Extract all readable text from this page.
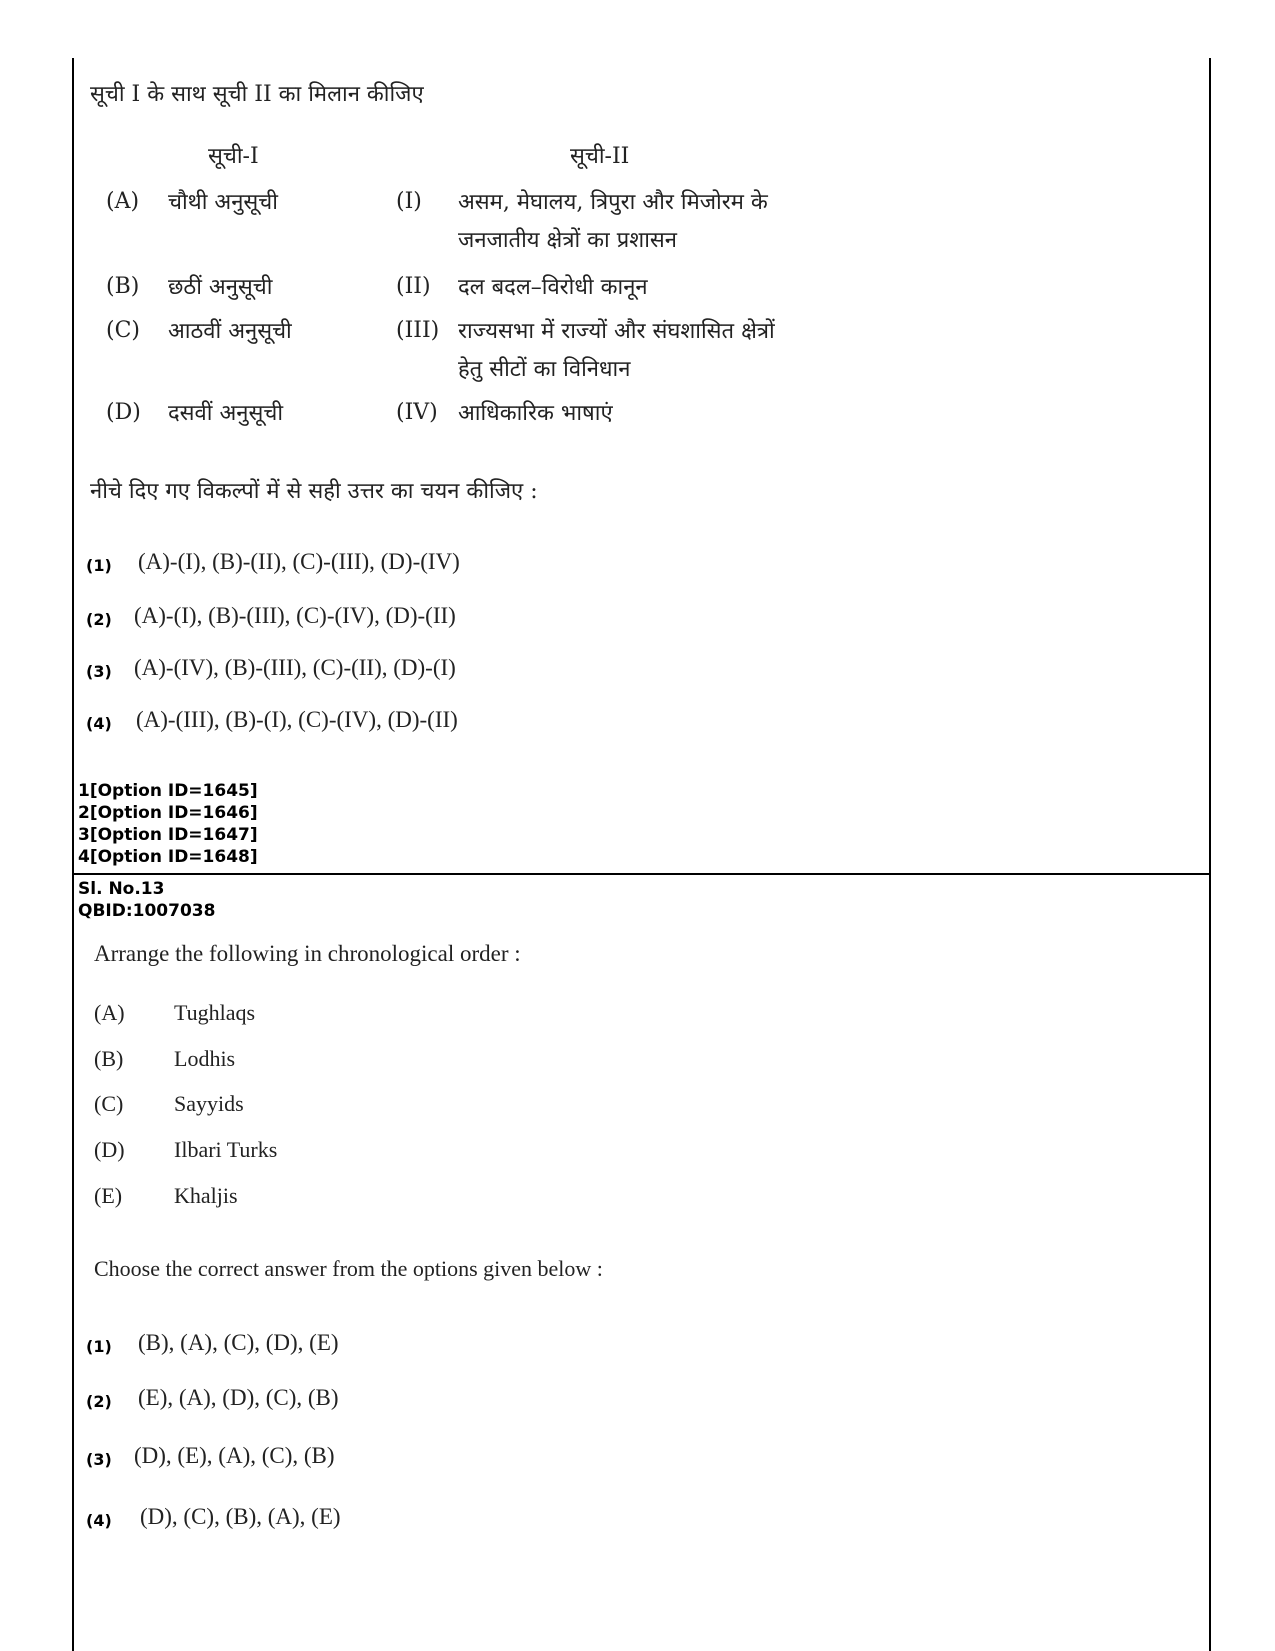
सूची I के साथ सूची II का मिलान कीजिए
सूची-I	सूची-II
(A) चौथी अनुसूची	(I) असम, मेघालय, त्रिपुरा और मिजोरम के
जनजातीय क्षेत्रों का प्रशासन
(B) छठीं अनुसूची	(II) दल बदल–विरोधी कानून
(C) आठवीं अनुसूची	(III) राज्यसभा में राज्यों और संघशासित क्षेत्रों
हेतु सीटों का विनिधान
(D) दसवीं अनुसूची	(IV) आधिकारिक भाषाएं
नीचे दिए गए विकल्पों में से सही उत्तर का चयन कीजिए :
(1) (A)-(I), (B)-(II), (C)-(III), (D)-(IV)
(2) (A)-(I), (B)-(III), (C)-(IV), (D)-(II)
(3) (A)-(IV), (B)-(III), (C)-(II), (D)-(I)
(4) (A)-(III), (B)-(I), (C)-(IV), (D)-(II)
1[Option ID=1645]
2[Option ID=1646]
3[Option ID=1647]
4[Option ID=1648]
Sl. No.13
QBID:1007038
Arrange the following in chronological order :
(A) Tughlaqs
(B) Lodhis
(C) Sayyids
(D) Ilbari Turks
(E) Khaljis
Choose the correct answer from the options given below :
(1) (B), (A), (C), (D), (E)
(2) (E), (A), (D), (C), (B)
(3) (D), (E), (A), (C), (B)
(4) (D), (C), (B), (A), (E)
